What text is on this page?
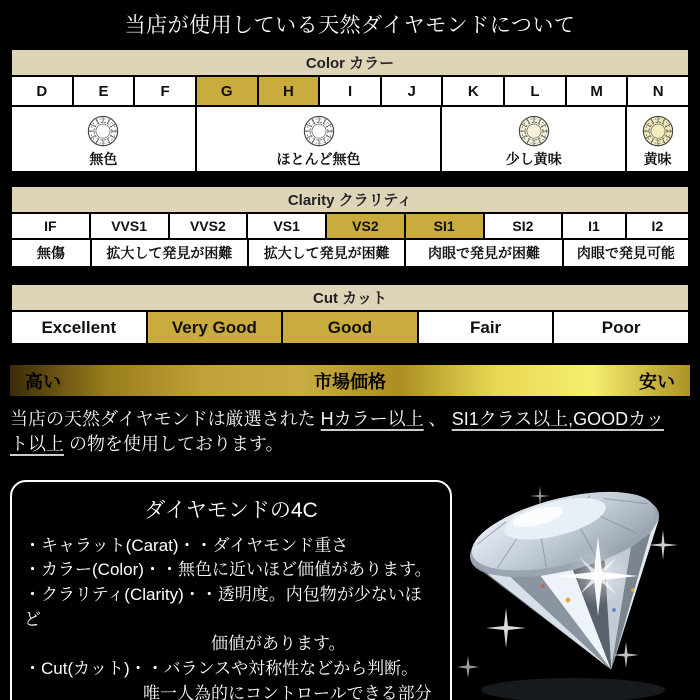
当店が使用している天然ダイヤモンドについて
Color カラー
D	E	F	G	H	I	J	K	L	M	N
無色	ほとんど無色	少し黄味	黄味
Clarity クラリティ
IF	VVS1	VVS2	VS1	VS2	SI1	SI2	I1	I2
無傷	拡大して発見が困難	拡大して発見が困難	肉眼で発見が困難	肉眼で発見可能
Cut カット
Excellent	Very Good	Good	Fair	Poor
高い	市場価格	安い
当店の天然ダイヤモンドは厳選された Hカラー以上 、 SI1クラス以上,GOODカット以上 の物を使用しております。
ダイヤモンドの4C
・キャラット(Carat)・・ダイヤモンド重さ
・カラー(Color)・・無色に近いほど価値があります。
・クラリティ(Clarity)・・透明度。内包物が少ないほど
　　　　　　　　　　　価値があります。
・Cut(カット)・・バランスや対称性などから判断。
　　　　　　　唯一人為的にコントロールできる部分
